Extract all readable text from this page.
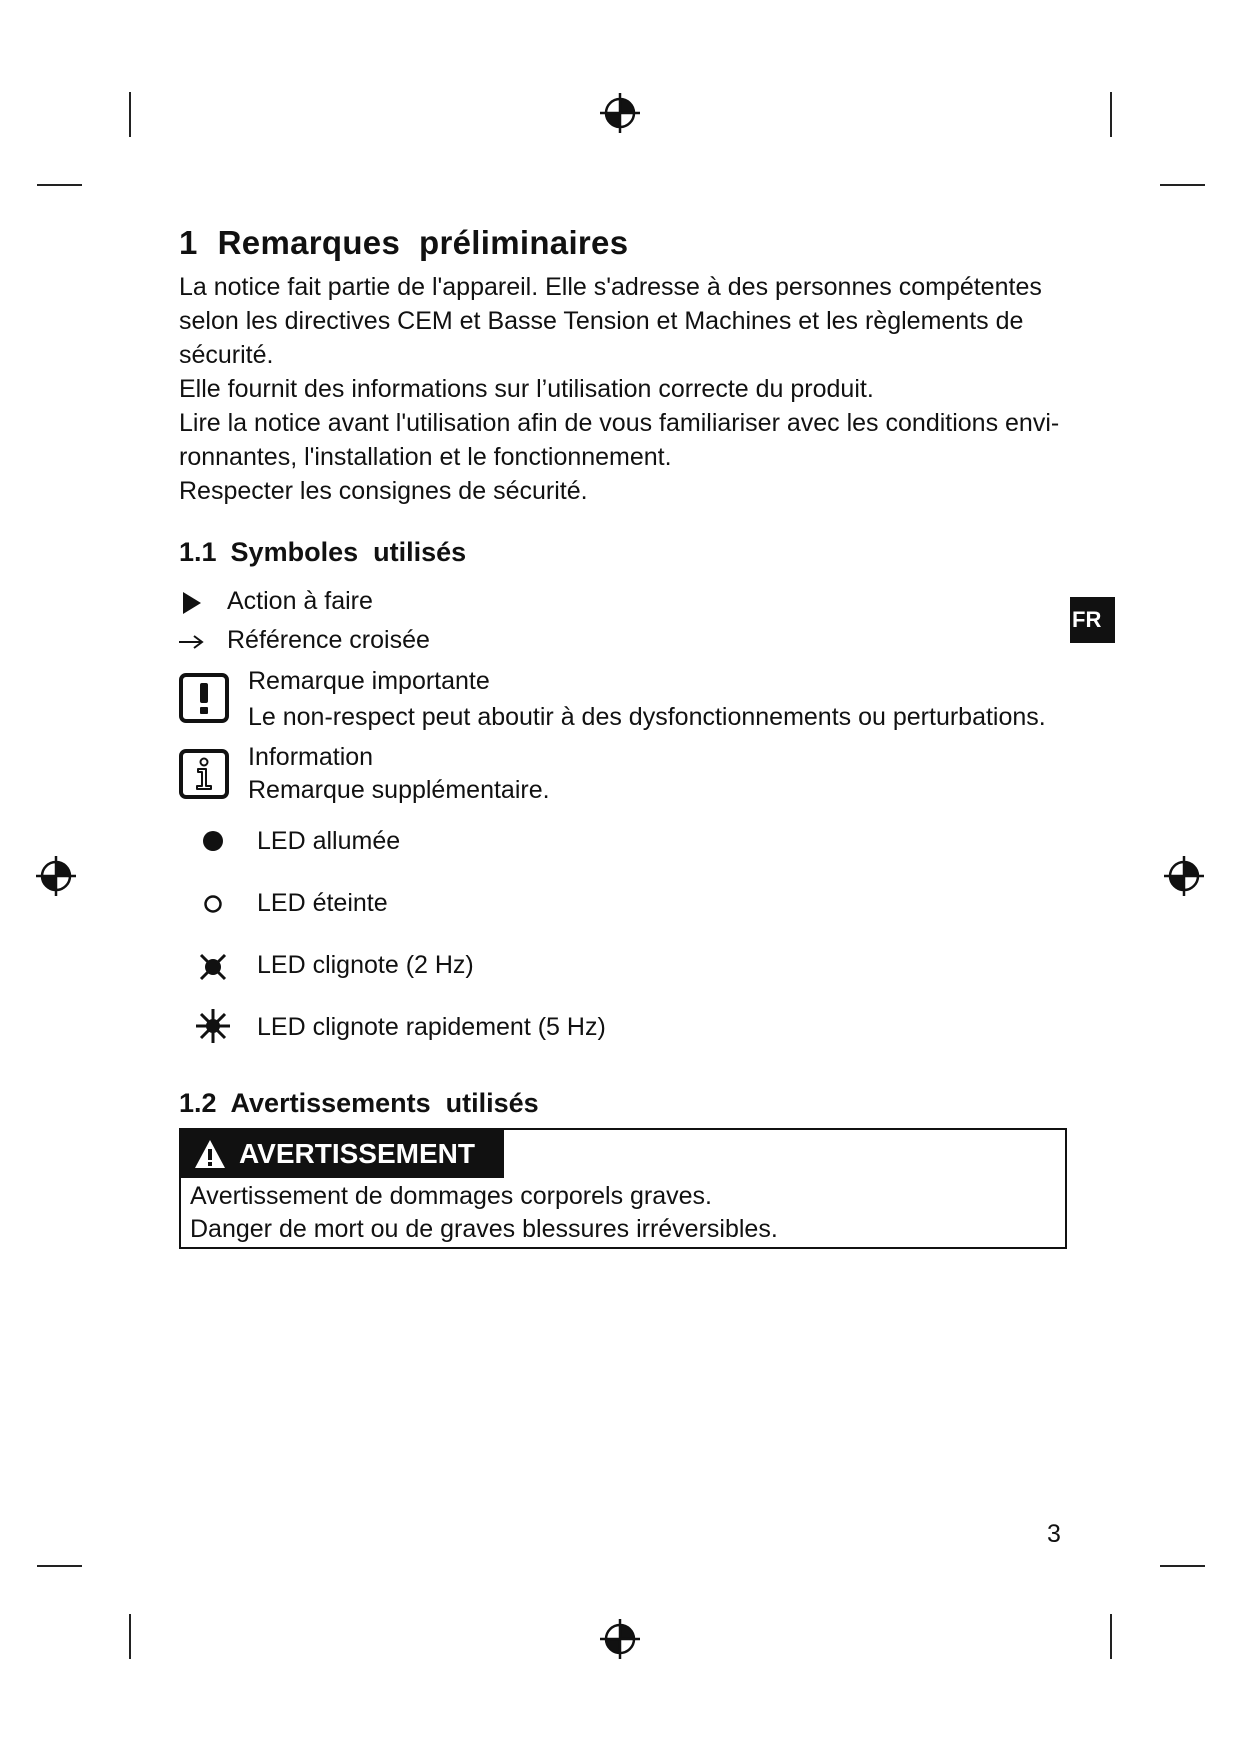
1 Remarques  préliminaires
La notice fait partie de l'appareil. Elle s'adresse à des personnes compétentes
selon les directives CEM et Basse Tension et Machines et les règlements de
sécurité.
Elle fournit des informations sur l’utilisation correcte du produit.
Lire la notice avant l'utilisation afin de vous familiariser avec les conditions envi-
ronnantes, l'installation et le fonctionnement.
Respecter les consignes de sécurité.
1.1 Symboles  utilisés
Action à faire
Référence croisée
Remarque importante
Le non-respect peut aboutir à des dysfonctionnements ou perturbations.
Information
Remarque supplémentaire.
LED allumée
LED éteinte
LED clignote (2 Hz)
LED clignote rapidement (5 Hz)
FR
1.2 Avertissements  utilisés
AVERTISSEMENT
Avertissement de dommages corporels graves.
Danger de mort ou de graves blessures irréversibles.
3
